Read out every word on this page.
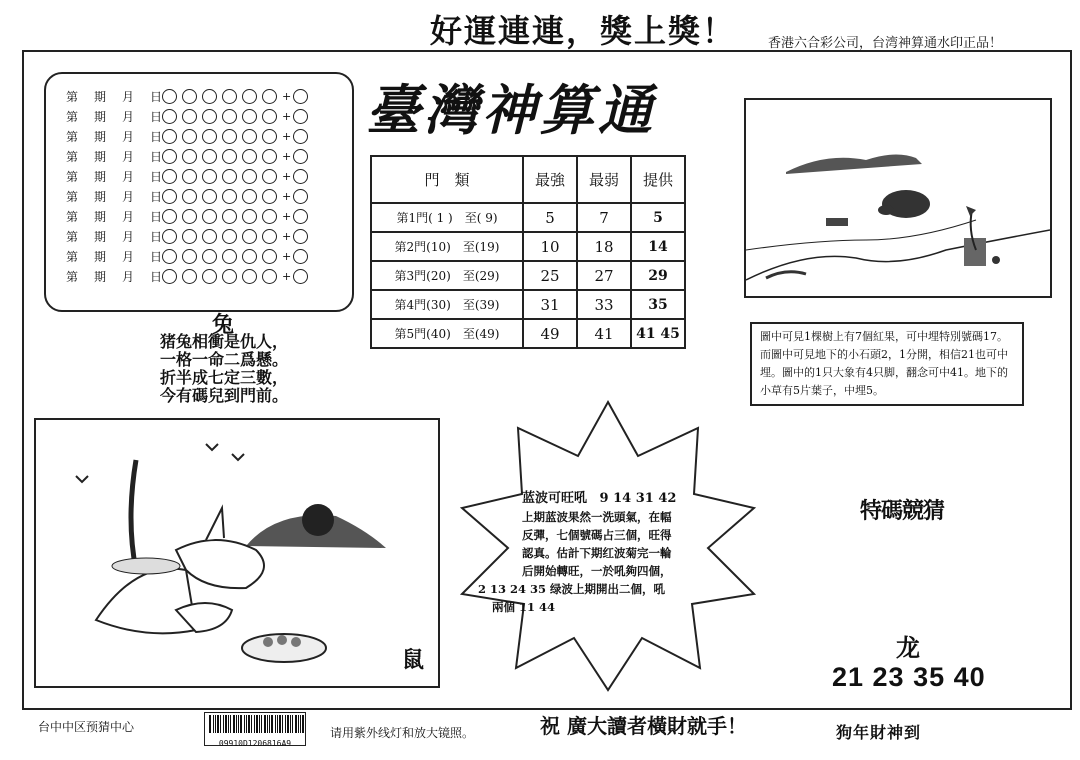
好運連連，獎上獎！ 香港六合彩公司，台湾神算通水印正品！
第 期 月 日	+
第 期 月 日	+
第 期 月 日	+
第 期 月 日	+
第 期 月 日	+
第 期 月 日	+
第 期 月 日	+
第 期 月 日	+
第 期 月 日	+
第 期 月 日	+
臺灣神算通
門　類	最強	最弱	提供
第1門( 1 )　至( 9)	5	7	5
第2門(10)　至(19)	10	18	14
第3門(20)　至(29)	25	27	29
第4門(30)　至(39)	31	33	35
第5門(40)　至(49)	49	41	41 45	圖中可見1棵樹上有7個紅果，可中埋特別號碼17。而圖中可見地下的小石頭2，1分開，相信21也可中埋。圖中的1只大象有4只脚，翻念可中41。地下的小草有5片葉子，中埋5。
兔
猪兔相衝是仇人，
一格一命二爲懸。
折半成七定三數，
今有碼兒到門前。
鼠
蓝波可旺吼 9 14 31 42
上期蓝波果然一洗頭氣，在幅
反彈，七個號碼占三個，旺得
認真。估計下期红波菊完一輪
后開始轉旺，一於吼夠四個，
2 13 24 35 绿波上期開出二個，吼
兩個 11 44
特碼競猜
龙
21 23 35 40
台中中区预猜中心
09910D1206816A9
请用紫外线灯和放大镜照。	祝 廣大讀者橫財就手！	狗年財神到
